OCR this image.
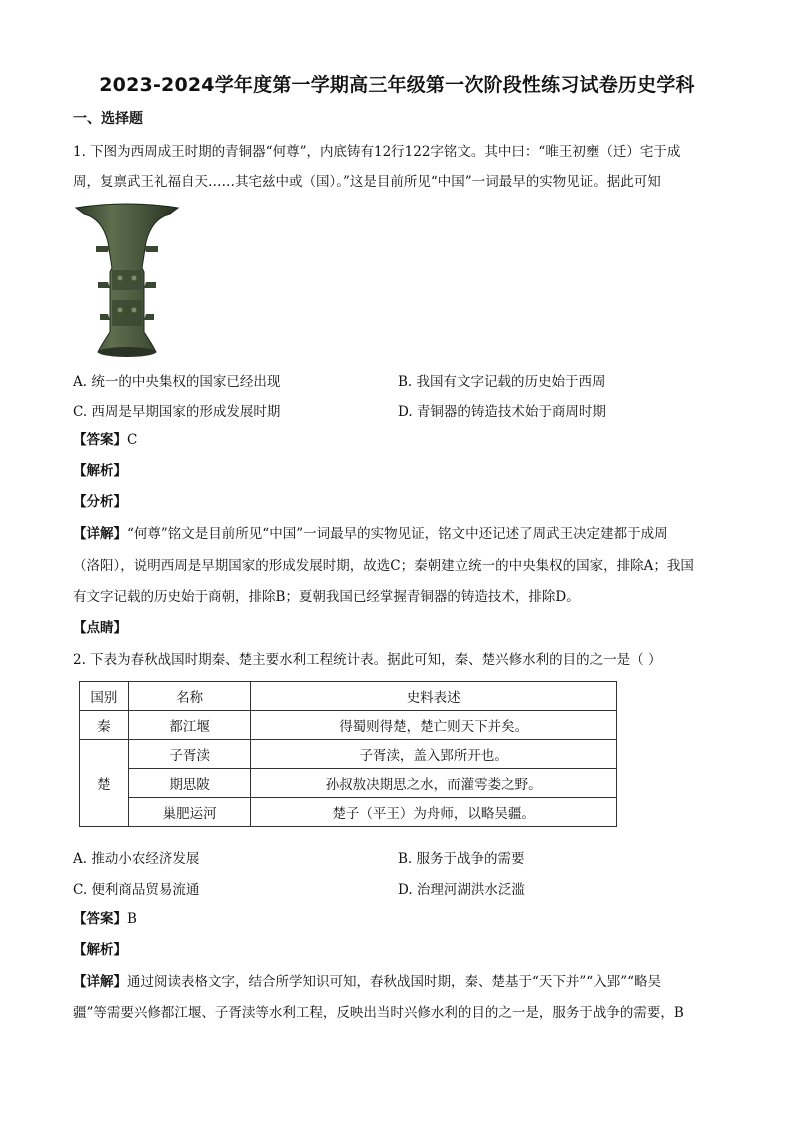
2023-2024学年度第一学期高三年级第一次阶段性练习试卷历史学科
一、选择题
1. 下图为西周成王时期的青铜器“何尊”，内底铸有12行122字铭文。其中曰：“唯王初壅（迁）宅于成
周，复禀武王礼福自天……其宅兹中或（国）。”这是目前所见“中国”一词最早的实物见证。据此可知
A. 统一的中央集权的国家已经出现	B. 我国有文字记载的历史始于西周
C. 西周是早期国家的形成发展时期	D. 青铜器的铸造技术始于商周时期
【答案】C
【解析】
【分析】
【详解】“何尊”铭文是目前所见“中国”一词最早的实物见证，铭文中还记述了周武王决定建都于成周
（洛阳），说明西周是早期国家的形成发展时期，故选C；秦朝建立统一的中央集权的国家，排除A；我国
有文字记载的历史始于商朝，排除B；夏朝我国已经掌握青铜器的铸造技术，排除D。
【点睛】
2. 下表为春秋战国时期秦、楚主要水利工程统计表。据此可知，秦、楚兴修水利的目的之一是（ ）
国别	名称	史料表述
秦	都江堰	得蜀则得楚，楚亡则天下并矣。
楚	子胥渎	子胥渎，盖入郢所开也。
	期思陂	孙叔敖决期思之水，而灌雩娄之野。
	巢肥运河	楚子（平王）为舟师，以略吴疆。
A. 推动小农经济发展	B. 服务于战争的需要
C. 便利商品贸易流通	D. 治理河湖洪水泛滥
【答案】B
【解析】
【详解】通过阅读表格文字，结合所学知识可知，春秋战国时期，秦、楚基于“天下并”“入郢”“略吴
疆”等需要兴修都江堰、子胥渎等水利工程，反映出当时兴修水利的目的之一是，服务于战争的需要，B
